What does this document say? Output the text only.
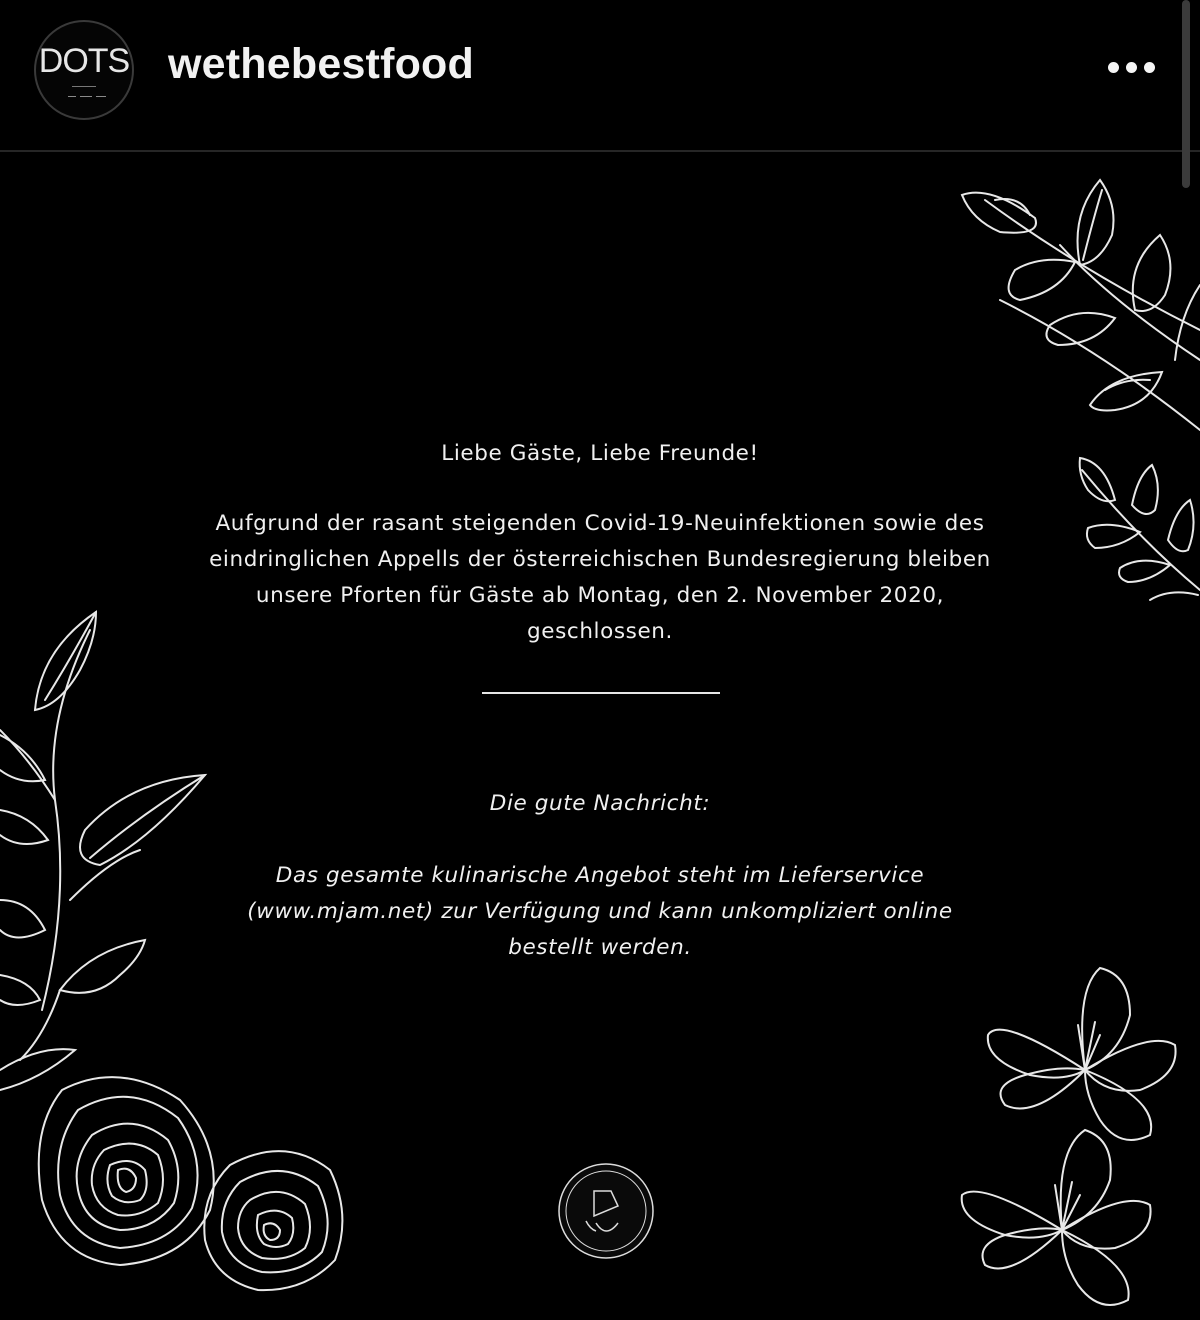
DOTS wethebestfood
Liebe Gäste, Liebe Freunde!
Aufgrund der rasant steigenden Covid-19-Neuinfektionen sowie des
eindringlichen Appells der österreichischen Bundesregierung bleiben
unsere Pforten für Gäste ab Montag, den 2. November 2020,
geschlossen.
Die gute Nachricht:
Das gesamte kulinarische Angebot steht im Lieferservice
(www.mjam.net) zur Verfügung und kann unkompliziert online
bestellt werden.
